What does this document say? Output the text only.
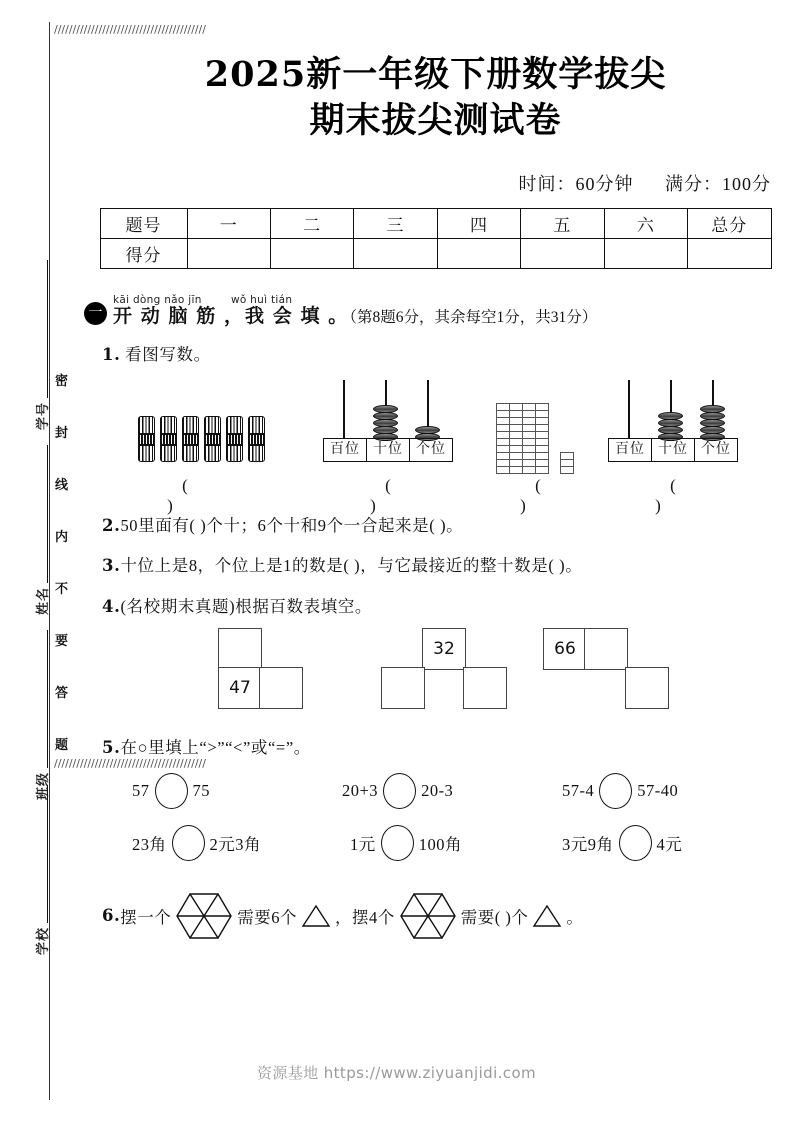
/////////////////////////////////////////
/////////////////////////////////////////
密
封
线
内
不
要
答
题
学号
姓名
班级
学校
2025新一年级下册数学拔尖
期末拔尖测试卷
时间：60分钟 满分：100分
题号	一	二	三	四	五	六	总分
得分							
一
kāi dòng nǎo jīn	wǒ huì tián
开 动 脑 筋 ，我 会 填 。（第8题6分，其余每空1分，共31分）
1. 看图写数。
( )
百位 十位 个位
( )
( )
百位 十位 个位
( )
2.50里面有( )个十；6个十和9个一合起来是( )。
3.十位上是8，个位上是1的数是( )，与它最接近的整十数是( )。
4.(名校期末真题)根据百数表填空。
47
32	66
5.在○里填上“>”“<”或“=”。
57	75	20+3	20-3	57-4	57-40
23角	2元3角	1元	100角	3元9角	4元
6. 摆一个	需要6个 ，摆4个	需要( )个 。
资源基地 https://www.ziyuanjidi.com
